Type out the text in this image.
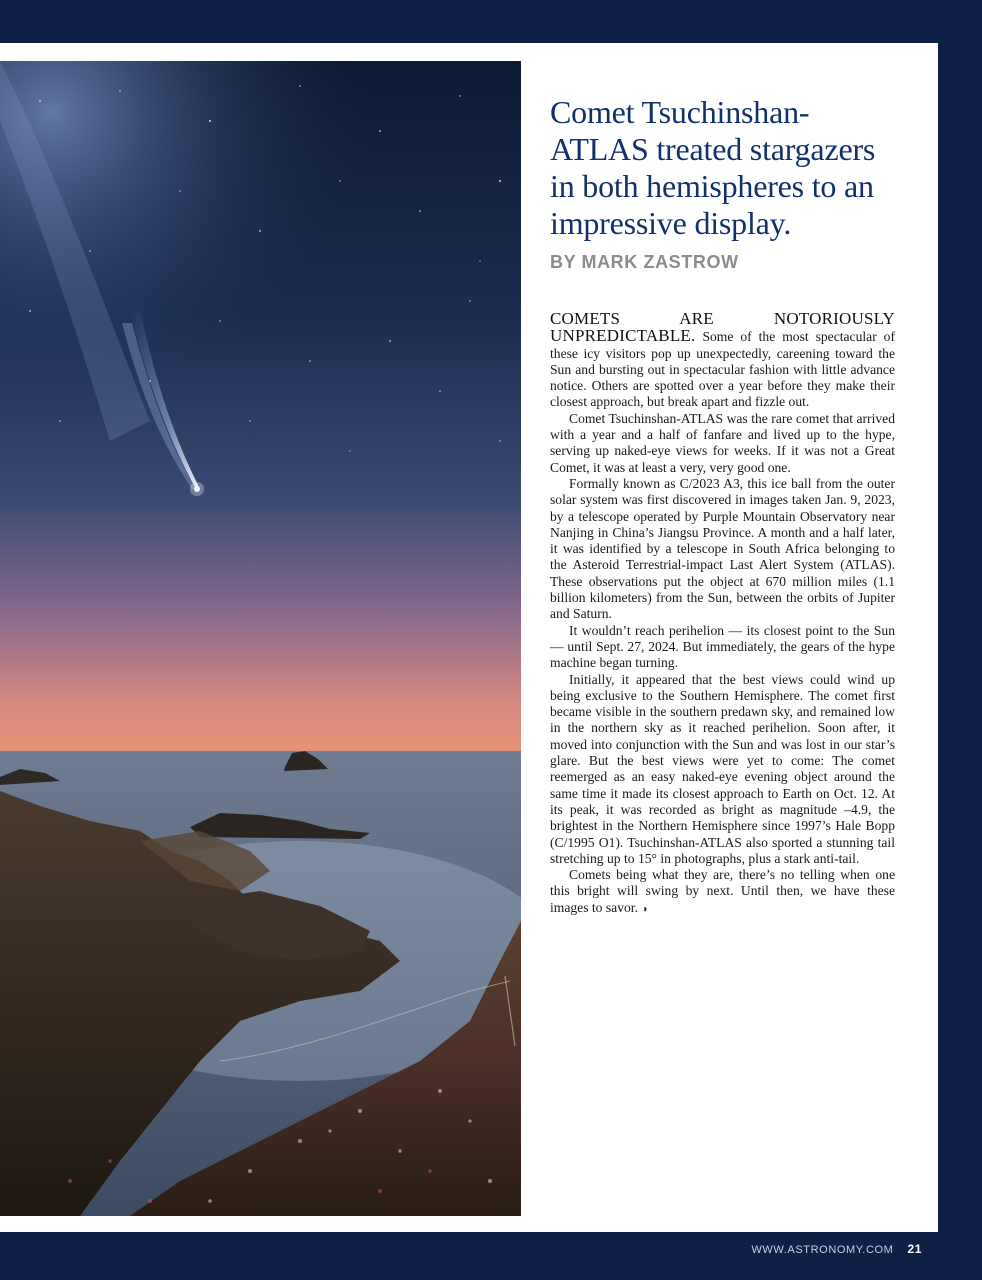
Comet Tsuchinshan-ATLAS treated stargazers in both hemispheres to an impressive display.
BY MARK ZASTROW

COMETS ARE NOTORIOUSLY UNPREDICTABLE. Some of the most spectacular of these icy visitors pop up unexpectedly, careening toward the Sun and bursting out in spectacular fashion with little advance notice. Others are spotted over a year before they make their closest approach, but break apart and fizzle out.

Comet Tsuchinshan-ATLAS was the rare comet that arrived with a year and a half of fanfare and lived up to the hype, serving up naked-eye views for weeks. If it was not a Great Comet, it was at least a very, very good one.

Formally known as C/2023 A3, this ice ball from the outer solar system was first discovered in images taken Jan. 9, 2023, by a telescope operated by Purple Mountain Observatory near Nanjing in China’s Jiangsu Province. A month and a half later, it was identified by a telescope in South Africa belonging to the Asteroid Terrestrial-impact Last Alert System (ATLAS). These observations put the object at 670 million miles (1.1 billion kilometers) from the Sun, between the orbits of Jupiter and Saturn.

It wouldn’t reach perihelion — its closest point to the Sun — until Sept. 27, 2024. But immediately, the gears of the hype machine began turning.

Initially, it appeared that the best views could wind up being exclusive to the Southern Hemisphere. The comet first became visible in the southern predawn sky, and remained low in the northern sky as it reached perihelion. Soon after, it moved into conjunction with the Sun and was lost in our star’s glare. But the best views were yet to come: The comet reemerged as an easy naked-eye evening object around the same time it made its closest approach to Earth on Oct. 12. At its peak, it was recorded as bright as magnitude –4.9, the brightest in the Northern Hemisphere since 1997’s Hale Bopp (C/1995 O1). Tsuchinshan-ATLAS also sported a stunning tail stretching up to 15° in photographs, plus a stark anti-tail.

Comets being what they are, there’s no telling when one this bright will swing by next. Until then, we have these images to savor. ◑

WWW.ASTRONOMY.COM 21
